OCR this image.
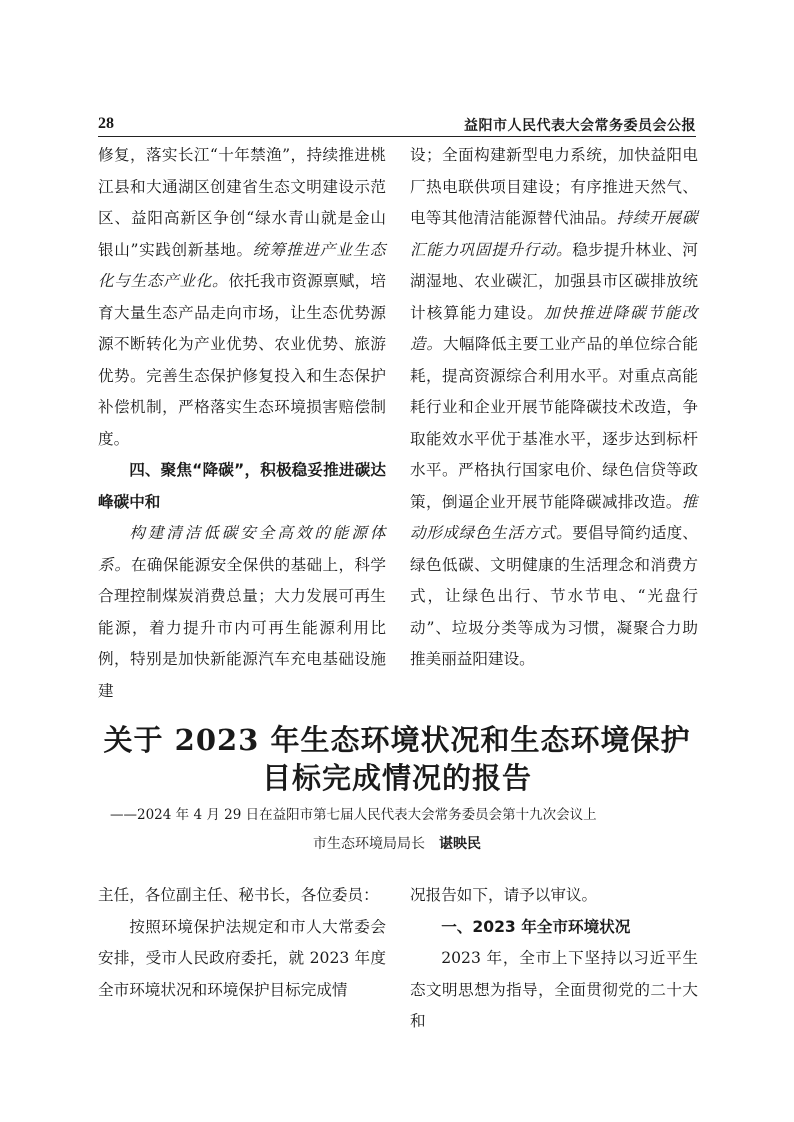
28	益阳市人民代表大会常务委员会公报

修复，落实长江“十年禁渔”，持续推进桃江县和大通湖区创建省生态文明建设示范区、益阳高新区争创“绿水青山就是金山银山”实践创新基地。统筹推进产业生态化与生态产业化。依托我市资源禀赋，培育大量生态产品走向市场，让生态优势源源不断转化为产业优势、农业优势、旅游优势。完善生态保护修复投入和生态保护补偿机制，严格落实生态环境损害赔偿制度。

四、聚焦“降碳”，积极稳妥推进碳达峰碳中和

构建清洁低碳安全高效的能源体系。在确保能源安全保供的基础上，科学合理控制煤炭消费总量；大力发展可再生能源，着力提升市内可再生能源利用比例，特别是加快新能源汽车充电基础设施建

设；全面构建新型电力系统，加快益阳电厂热电联供项目建设；有序推进天然气、电等其他清洁能源替代油品。持续开展碳汇能力巩固提升行动。稳步提升林业、河湖湿地、农业碳汇，加强县市区碳排放统计核算能力建设。加快推进降碳节能改造。大幅降低主要工业产品的单位综合能耗，提高资源综合利用水平。对重点高能耗行业和企业开展节能降碳技术改造，争取能效水平优于基准水平，逐步达到标杆水平。严格执行国家电价、绿色信贷等政策，倒逼企业开展节能降碳减排改造。推动形成绿色生活方式。要倡导简约适度、绿色低碳、文明健康的生活理念和消费方式，让绿色出行、节水节电、“光盘行动”、垃圾分类等成为习惯，凝聚合力助推美丽益阳建设。

关于 2023 年生态环境状况和生态环境保护
目标完成情况的报告
——2024 年 4 月 29 日在益阳市第七届人民代表大会常务委员会第十九次会议上
市生态环境局局长 谌映民

主任，各位副主任、秘书长，各位委员：

按照环境保护法规定和市人大常委会安排，受市人民政府委托，就 2023 年度全市环境状况和环境保护目标完成情

况报告如下，请予以审议。

一、2023 年全市环境状况

2023 年，全市上下坚持以习近平生态文明思想为指导，全面贯彻党的二十大和
